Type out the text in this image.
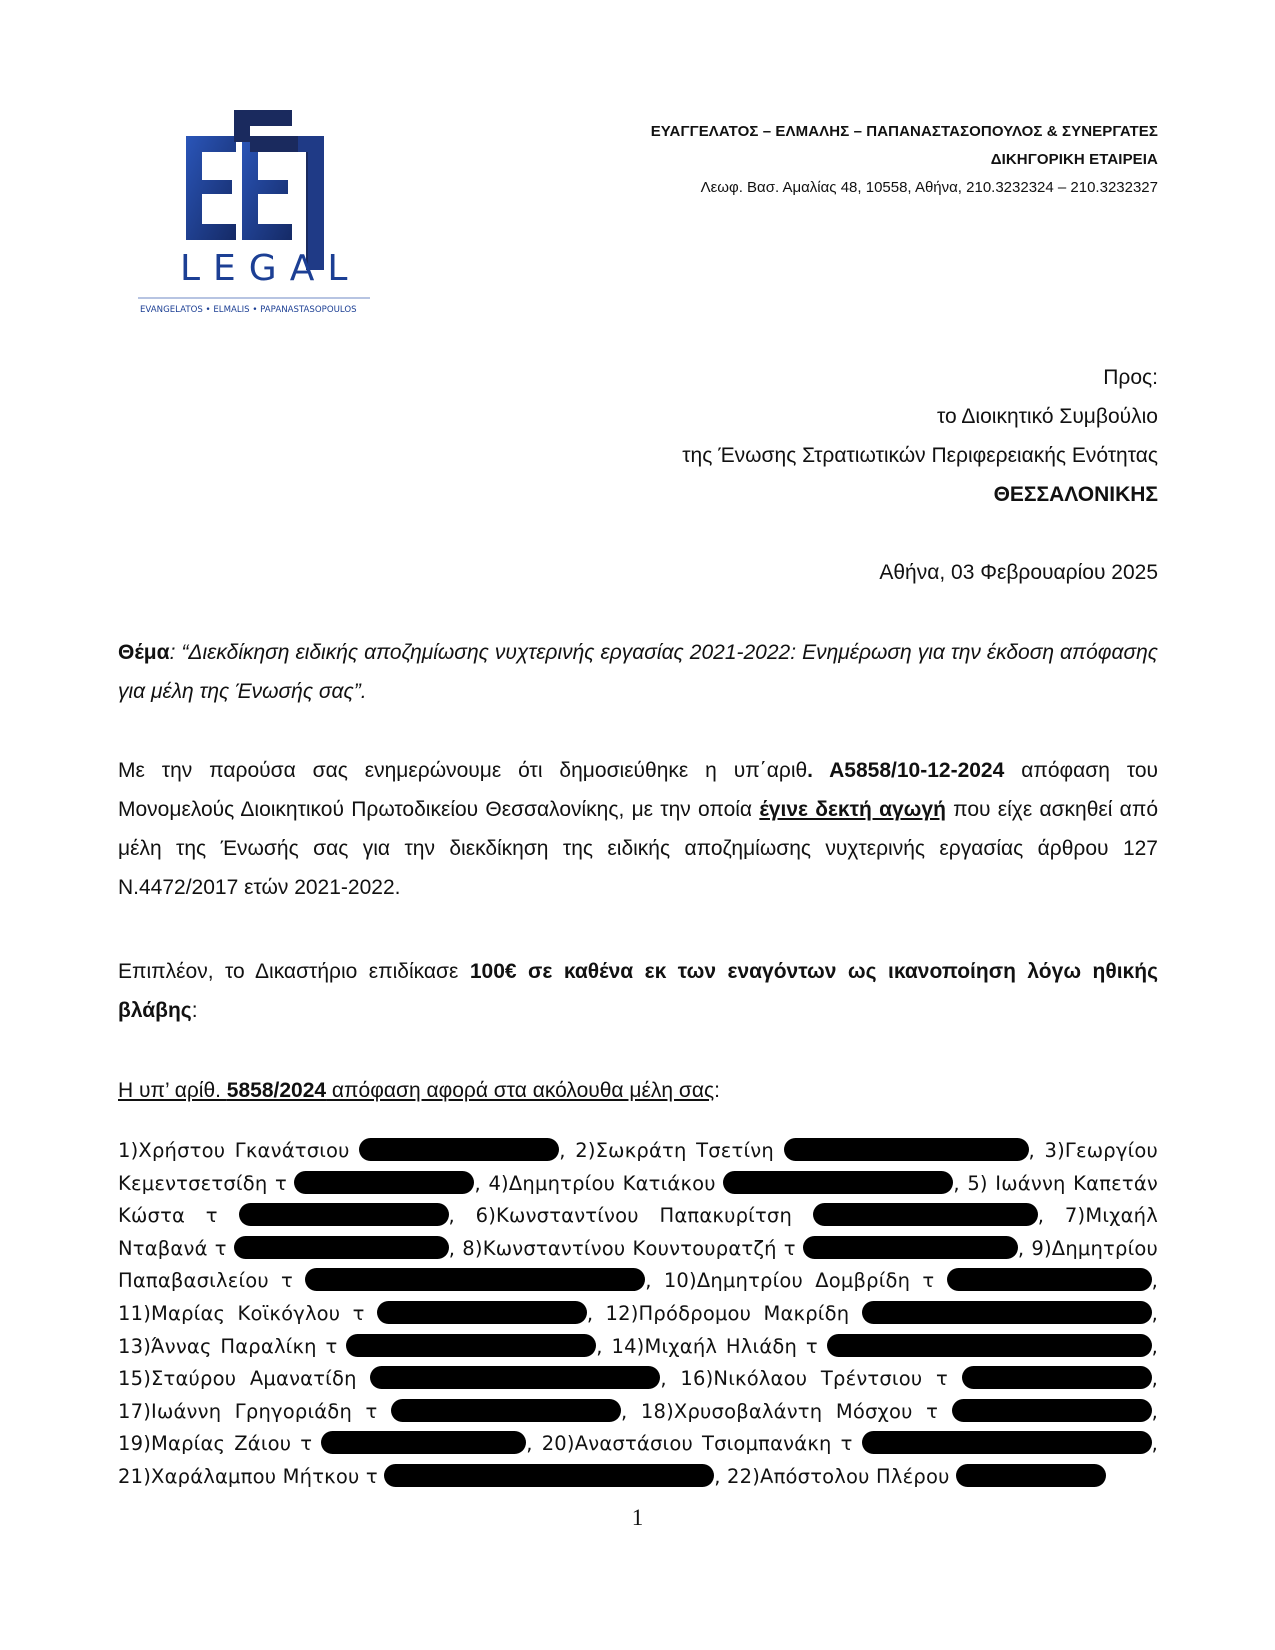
LEGAL
EVANGELATOS • ELMALIS • PAPANASTASOPOULOS
ΕΥΑΓΓΕΛΑΤΟΣ – ΕΛΜΑΛΗΣ – ΠΑΠΑΝΑΣΤΑΣΟΠΟΥΛΟΣ & ΣΥΝΕΡΓΑΤΕΣ
ΔΙΚΗΓΟΡΙΚΗ ΕΤΑΙΡΕΙΑ
Λεωφ. Βασ. Αμαλίας 48, 10558, Αθήνα, 210.3232324 – 210.3232327
Προς:
το Διοικητικό Συμβούλιο
της Ένωσης Στρατιωτικών Περιφερειακής Ενότητας
ΘΕΣΣΑΛΟΝΙΚΗΣ
Αθήνα, 03 Φεβρουαρίου 2025

Θέμα: “Διεκδίκηση ειδικής αποζημίωσης νυχτερινής εργασίας 2021-2022: Ενημέρωση για την έκδοση απόφασης για μέλη της Ένωσής σας”.

Με την παρούσα σας ενημερώνουμε ότι δημοσιεύθηκε η υπ΄αριθ. Α5858/10-12-2024 απόφαση του Μονομελούς Διοικητικού Πρωτοδικείου Θεσσαλονίκης, με την οποία έγινε δεκτή αγωγή που είχε ασκηθεί από μέλη της Ένωσής σας για την διεκδίκηση της ειδικής αποζημίωσης νυχτερινής εργασίας άρθρου 127 Ν.4472/2017 ετών 2021-2022.

Επιπλέον, το Δικαστήριο επιδίκασε 100€ σε καθένα εκ των εναγόντων ως ικανοποίηση λόγω ηθικής βλάβης:

Η υπ’ αρίθ. 5858/2024 απόφαση αφορά στα ακόλουθα μέλη σας:

1)Χρήστου Γκανάτσιου	, 2)Σωκράτη Τσετίνη	, 3)Γεωργίου Κεμεντσετσίδη τ	, 4)Δημητρίου Κατιάκου	, 5) Ιωάννη Καπετάν Κώστα τ	, 6)Κωνσταντίνου Παπακυρίτση	, 7)Μιχαήλ Νταβανά τ	, 8)Κωνσταντίνου Κουντουρατζή τ	, 9)Δημητρίου Παπαβασιλείου τ	, 10)Δημητρίου Δομβρίδη τ	, 11)Μαρίας Κοϊκόγλου τ	, 12)Πρόδρομου Μακρίδη	, 13)Άννας Παραλίκη τ	, 14)Μιχαήλ Ηλιάδη τ	, 15)Σταύρου Αμανατίδη	, 16)Νικόλαου Τρέντσιου τ	, 17)Ιωάννη Γρηγοριάδη τ	, 18)Χρυσοβαλάντη Μόσχου τ	, 19)Μαρίας Ζάιου τ	, 20)Αναστάσιου Τσιομπανάκη τ	, 21)Χαράλαμπου Μήτκου τ	, 22)Απόστολου Πλέρου

1
